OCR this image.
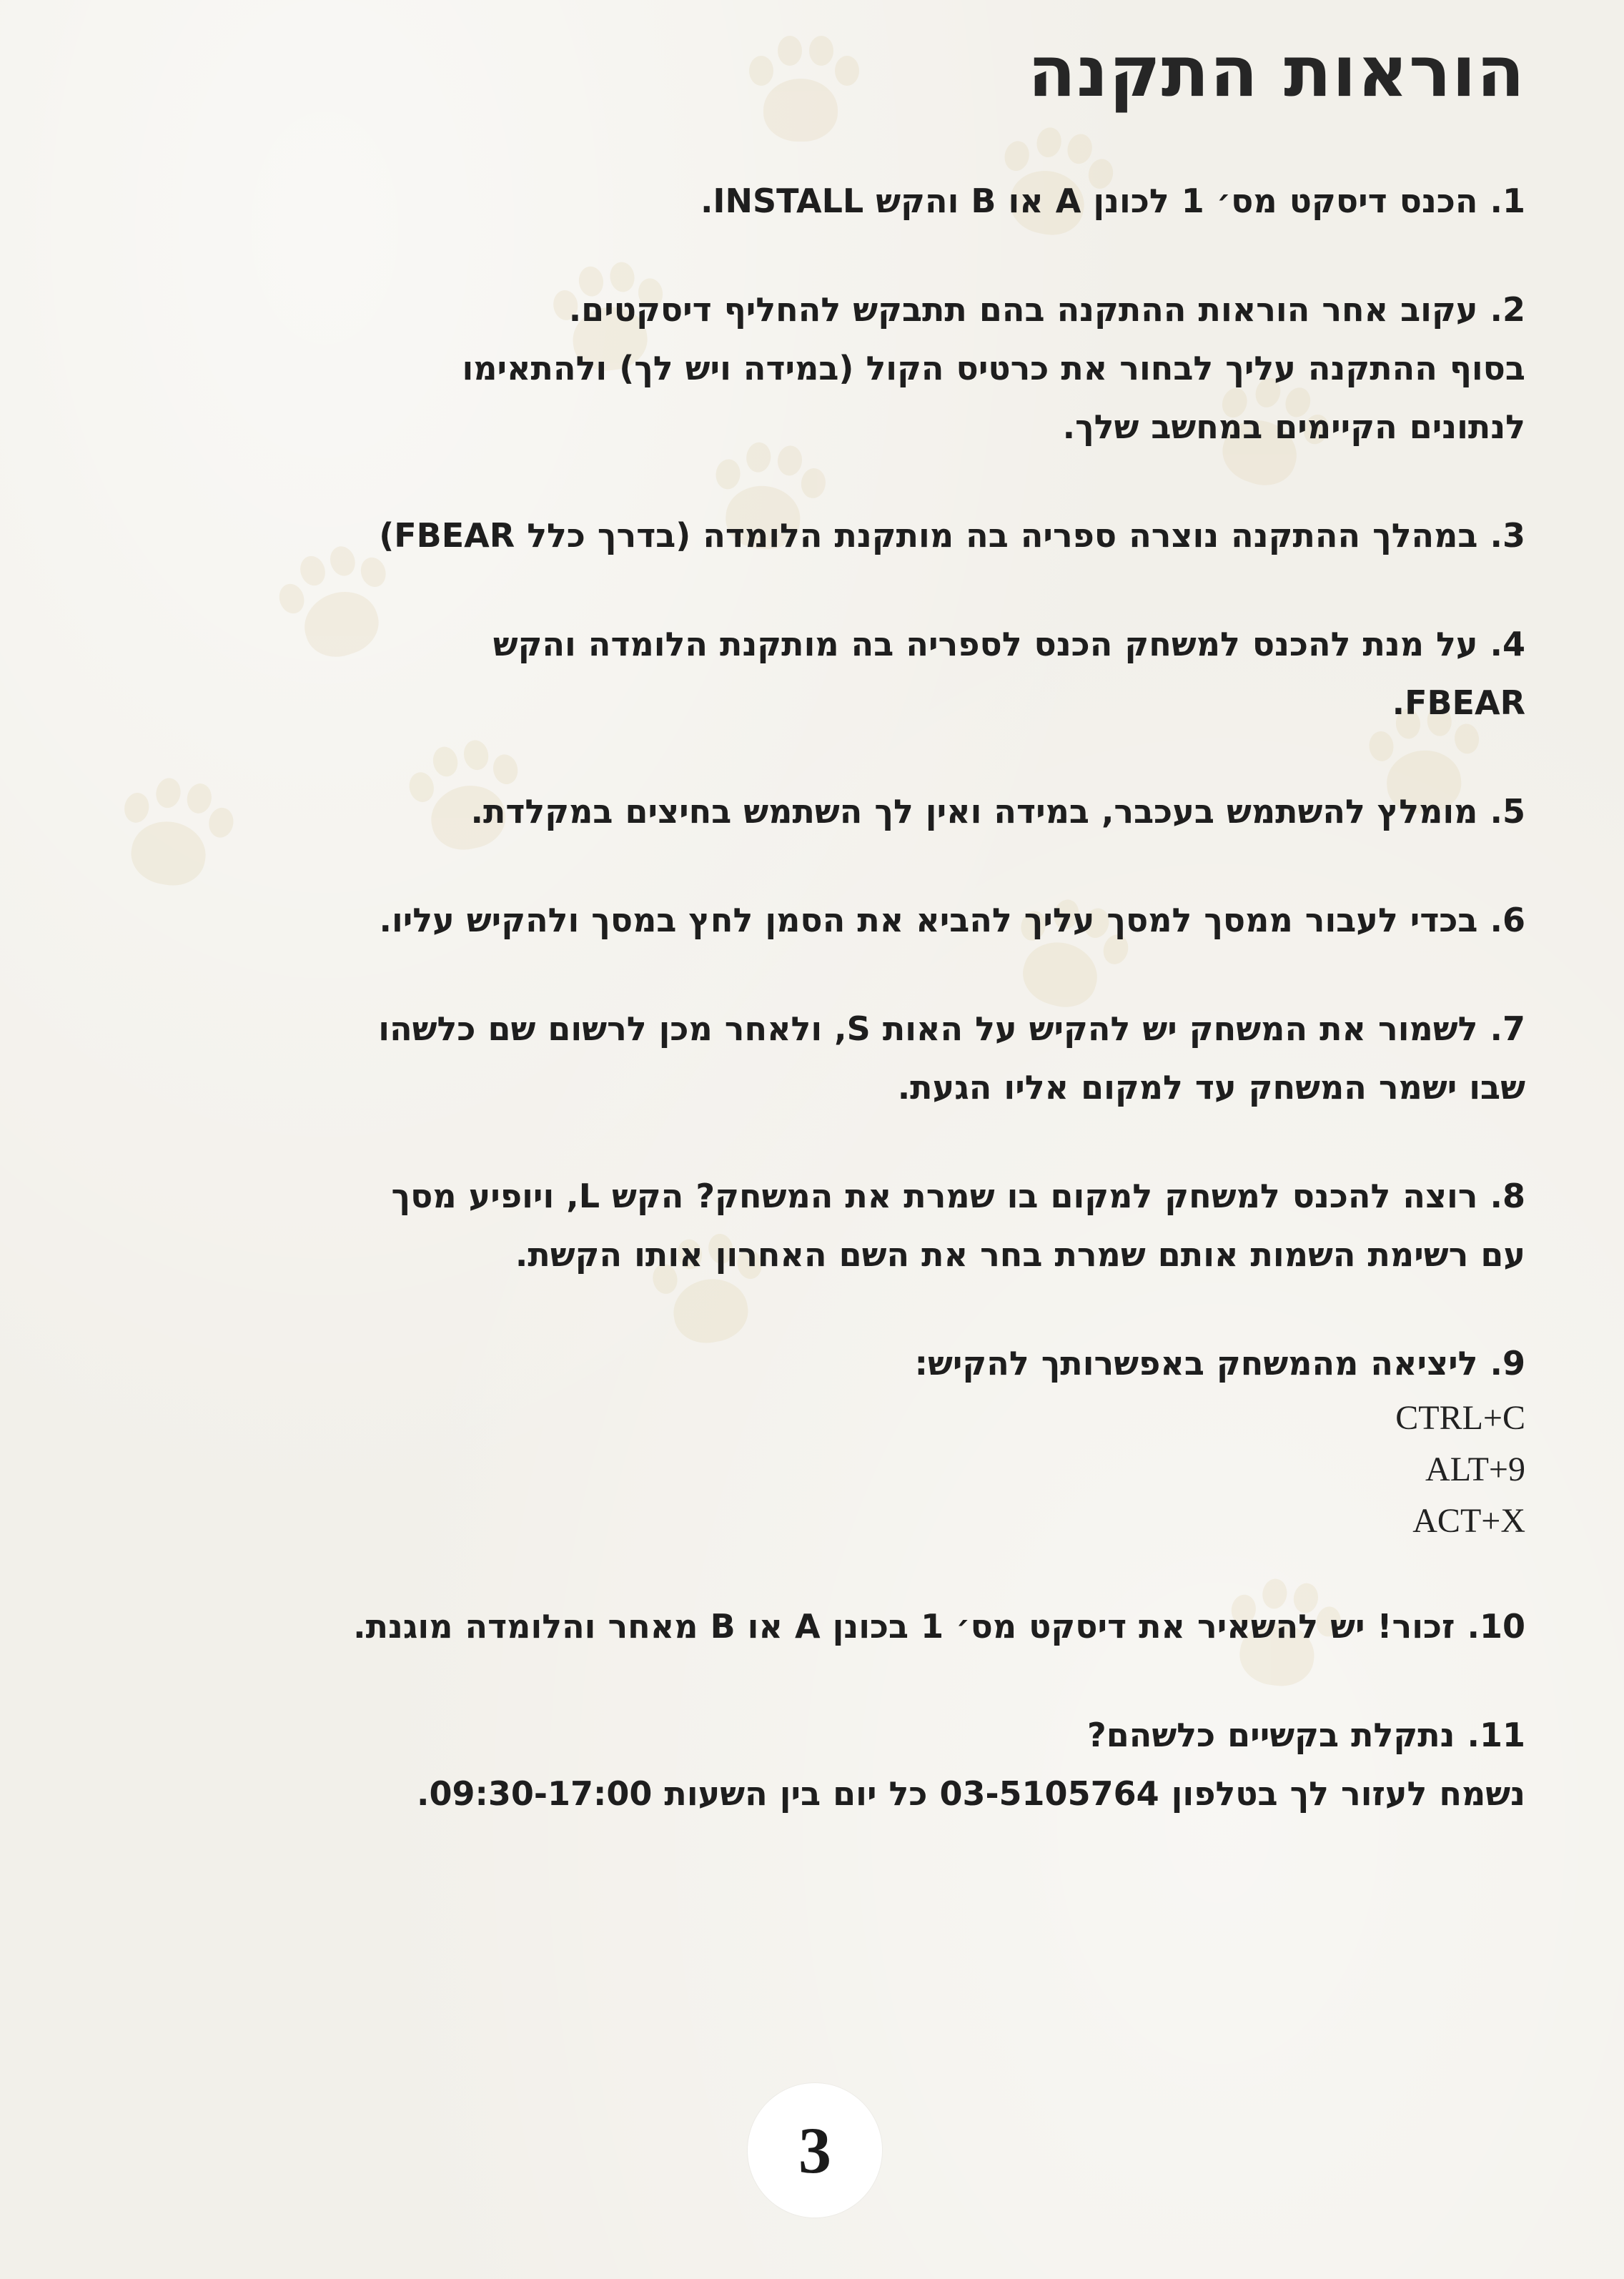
הוראות התקנה
1. הכנס דיסקט מס׳ 1 לכונן A או B והקש INSTALL.
2. עקוב אחר הוראות ההתקנה בהם תתבקש להחליף דיסקטים.
בסוף ההתקנה עליך לבחור את כרטיס הקול (במידה ויש לך) ולהתאימו
לנתונים הקיימים במחשב שלך.
3. במהלך ההתקנה נוצרה ספריה בה מותקנת הלומדה (בדרך כלל FBEAR)
4. על מנת להכנס למשחק הכנס לספריה בה מותקנת הלומדה והקש
FBEAR.
5. מומלץ להשתמש בעכבר, במידה ואין לך השתמש בחיצים במקלדת.
6. בכדי לעבור ממסך למסך עליך להביא את הסמן לחץ במסך ולהקיש עליו.
7. לשמור את המשחק יש להקיש על האות S, ולאחר מכן לרשום שם כלשהו
שבו ישמר המשחק עד למקום אליו הגעת.
8. רוצה להכנס למשחק למקום בו שמרת את המשחק? הקש L, ויופיע מסך
עם רשימת השמות אותם שמרת בחר את השם האחרון אותו הקשת.
9. ליציאה מהמשחק באפשרותך להקיש:
CTRL+C
ALT+9
ACT+X
10. זכור! יש להשאיר את דיסקט מס׳ 1 בכונן A או B מאחר והלומדה מוגנת.
11. נתקלת בקשיים כלשהם?
נשמח לעזור לך בטלפון 03-5105764 כל יום בין השעות 09:30-17:00.
3
